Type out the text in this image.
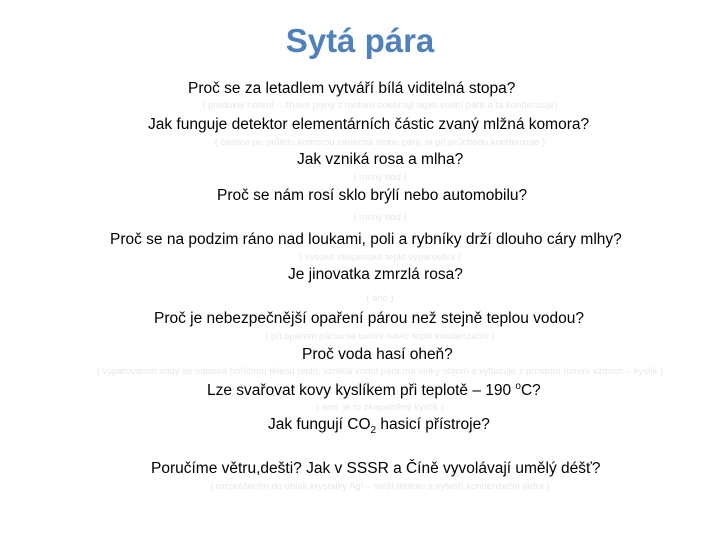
Sytá pára
Proč se za letadlem vytváří bílá viditelná stopa?
( produkty hoření – žhavé plyny z motoru odebírají teplo vodní páře a ta kondenzuje)
Jak funguje detektor elementárních částic zvaný mlžná komora?
( částice po průletu komorou zanechá stopu páry, ta při průchodu kondenzuje )
Jak vzniká rosa a mlha?
( rosný bod )
Proč se nám rosí sklo brýlí nebo automobilu?
( rosný bod )
Proč se na podzim ráno nad loukami, poli a rybníky drží dlouho cáry mlhy?
( vysoké skupenské teplo vypařování )
Je jinovatka zmrzlá rosa?
( ano )
Proč je nebezpečnější opaření párou než stejně teplou vodou?
( při opaření párou se uvolní navíc teplo kondenzační )
Proč voda hasí oheň?
( vypařováním vody se odebírá hořícímu tělesu teplo, vzniklá vodní pára má velký objem a vytlačuje z prostoru hoření vzduch – kyslík )
Lze svařovat kovy kyslíkem při teplotě – 190 $^o$C?
( ano, je to zkapalněný kyslík )
Jak fungují $CO_2$ hasicí přístroje?
Poručíme větru,dešti? Jak v SSSR a Číně vyvolávají umělý déšť?
( rozprášením do oblak krystalky AgI – sníží teplotu a vytvoří kondenzační jádra )
